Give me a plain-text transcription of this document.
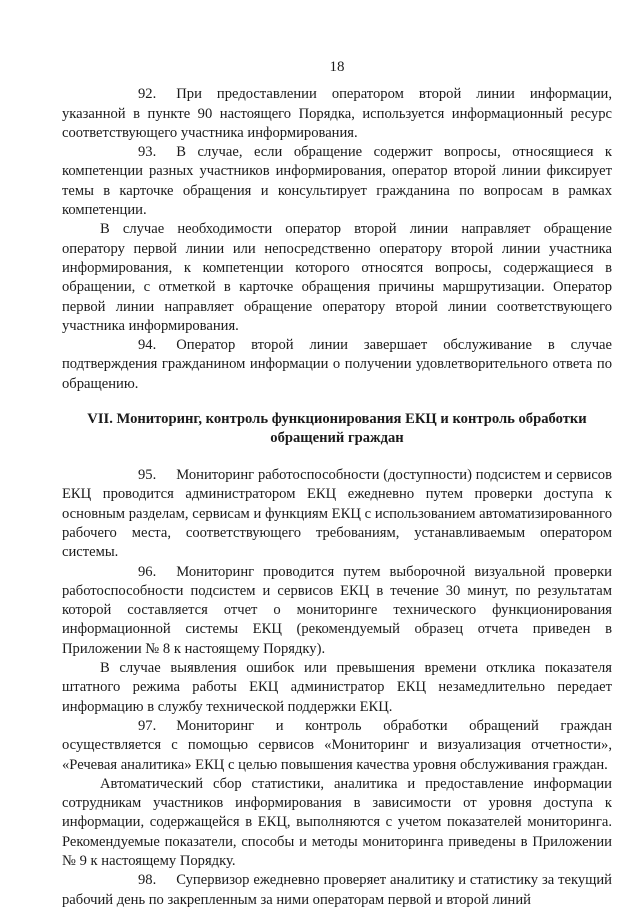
18

92. При предоставлении оператором второй линии информации, указанной в пункте 90 настоящего Порядка, используется информационный ресурс соответствующего участника информирования.

93. В случае, если обращение содержит вопросы, относящиеся к компетенции разных участников информирования, оператор второй линии фиксирует темы в карточке обращения и консультирует гражданина по вопросам в рамках компетенции.

В случае необходимости оператор второй линии направляет обращение оператору первой линии или непосредственно оператору второй линии участника информирования, к компетенции которого относятся вопросы, содержащиеся в обращении, с отметкой в карточке обращения причины маршрутизации. Оператор первой линии направляет обращение оператору второй линии соответствующего участника информирования.

94. Оператор второй линии завершает обслуживание в случае подтверждения гражданином информации о получении удовлетворительного ответа по обращению.

VII. Мониторинг, контроль функционирования ЕКЦ и контроль обработки
обращений граждан

95. Мониторинг работоспособности (доступности) подсистем и сервисов ЕКЦ проводится администратором ЕКЦ ежедневно путем проверки доступа к основным разделам, сервисам и функциям ЕКЦ с использованием автоматизированного рабочего места, соответствующего требованиям, устанавливаемым оператором системы.

96. Мониторинг проводится путем выборочной визуальной проверки работоспособности подсистем и сервисов ЕКЦ в течение 30 минут, по результатам которой составляется отчет о мониторинге технического функционирования информационной системы ЕКЦ (рекомендуемый образец отчета приведен в Приложении № 8 к настоящему Порядку).

В случае выявления ошибок или превышения времени отклика показателя штатного режима работы ЕКЦ администратор ЕКЦ незамедлительно передает информацию в службу технической поддержки ЕКЦ.

97. Мониторинг и контроль обработки обращений граждан осуществляется с помощью сервисов «Мониторинг и визуализация отчетности», «Речевая аналитика» ЕКЦ с целью повышения качества уровня обслуживания граждан.

Автоматический сбор статистики, аналитика и предоставление информации сотрудникам участников информирования в зависимости от уровня доступа к информации, содержащейся в ЕКЦ, выполняются с учетом показателей мониторинга. Рекомендуемые показатели, способы и методы мониторинга приведены в Приложении № 9 к настоящему Порядку.

98. Супервизор ежедневно проверяет аналитику и статистику за текущий рабочий день по закрепленным за ними операторам первой и второй линий
